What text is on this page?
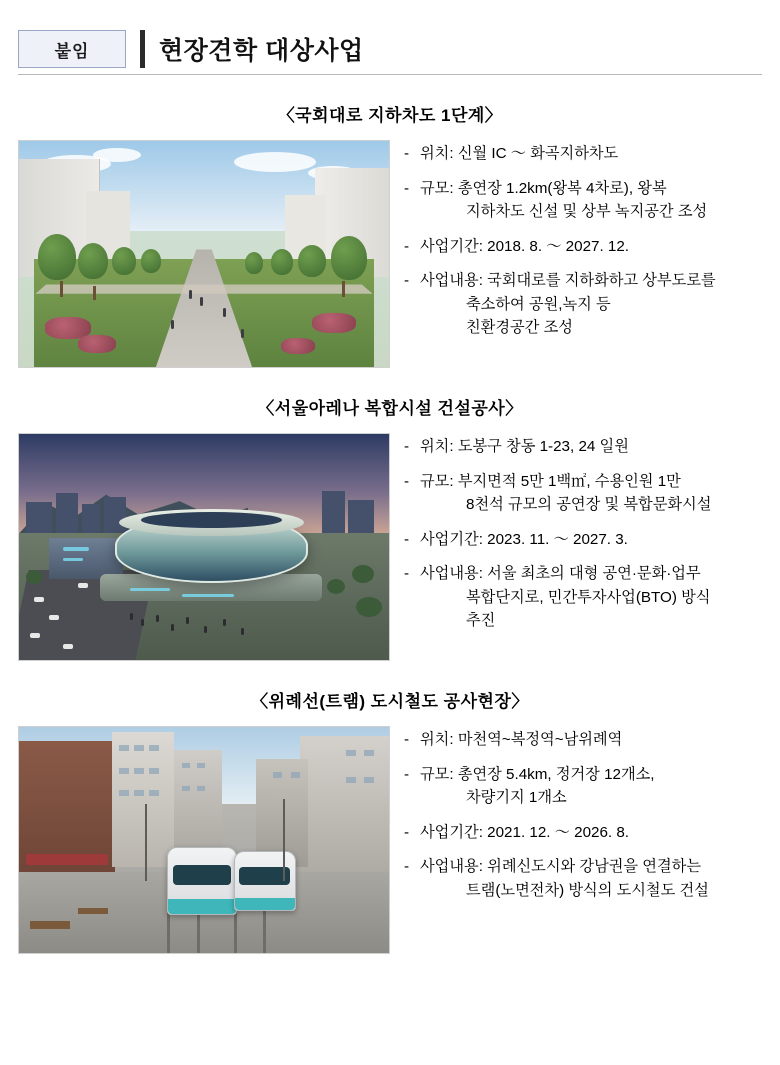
붙임	현장견학 대상사업
〈국회대로 지하차도 1단계〉
- 위치: 신월 IC ～ 화곡지하차도
- 규모: 총연장 1.2km(왕복 4차로), 왕복
지하차도 신설 및 상부 녹지공간 조성
- 사업기간: 2018. 8. ～ 2027. 12.
- 사업내용: 국회대로를 지하화하고 상부도로를
축소하여 공원,녹지 등
친환경공간 조성
〈서울아레나 복합시설 건설공사〉
- 위치: 도봉구 창동 1-23, 24 일원
- 규모: 부지면적 5만 1백㎡, 수용인원 1만
8천석 규모의 공연장 및 복합문화시설
- 사업기간: 2023. 11. ～ 2027. 3.
- 사업내용: 서울 최초의 대형 공연·문화·업무
복합단지로, 민간투자사업(BTO) 방식
추진
〈위례선(트램) 도시철도 공사현장〉
- 위치: 마천역~복정역~남위례역
- 규모: 총연장 5.4km, 정거장 12개소,
차량기지 1개소
- 사업기간: 2021. 12. ～ 2026. 8.
- 사업내용: 위례신도시와 강남권을 연결하는
트램(노면전차) 방식의 도시철도 건설
